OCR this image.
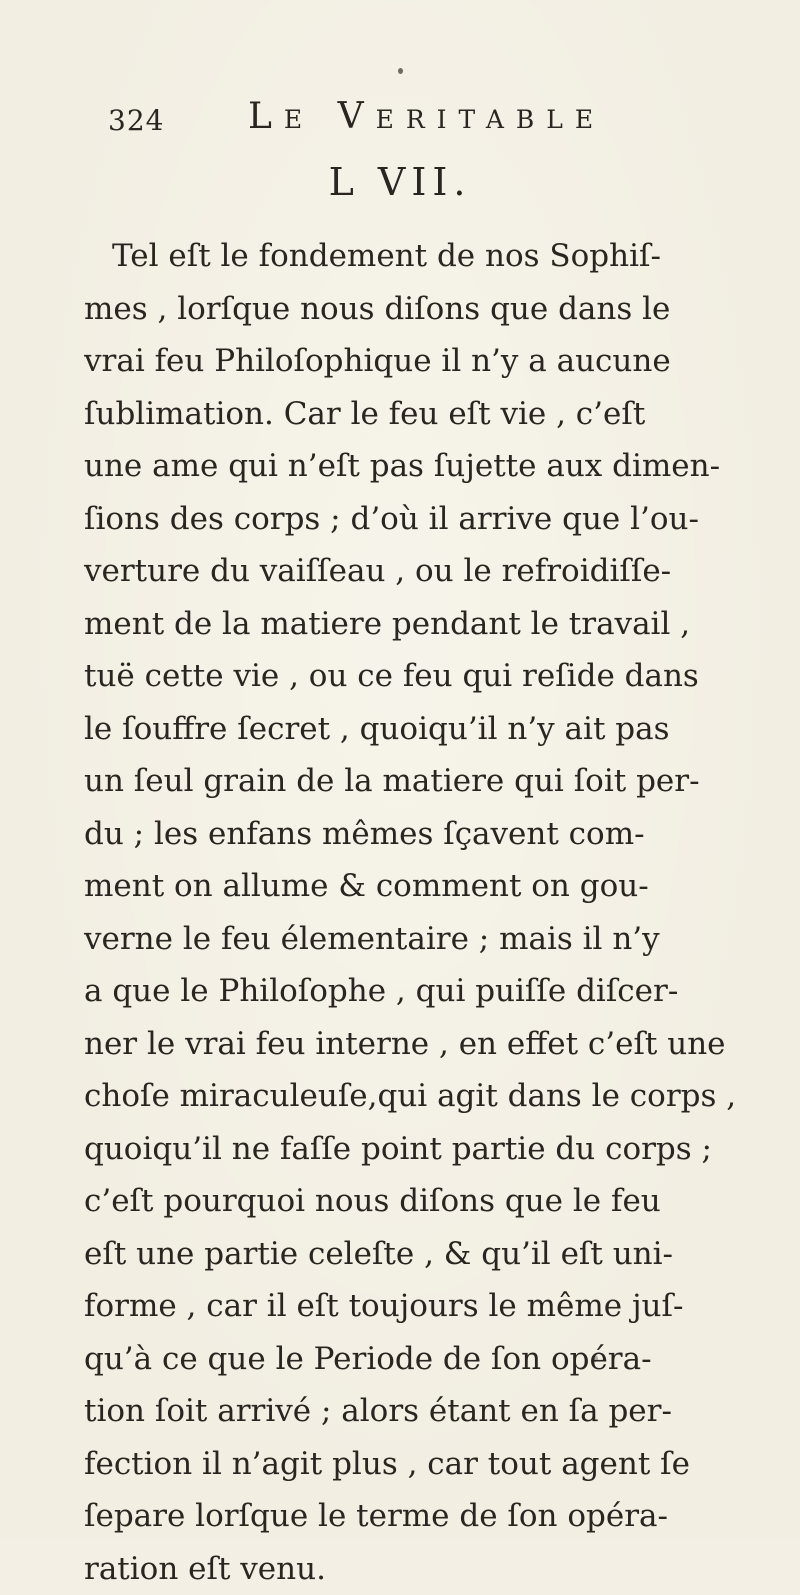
324 Le Veritable
L VII.
Tel eſt le fondement de nos Sophiſ-
mes , lorſque nous diſons que dans le
vrai feu Philoſophique il n’y a aucune
ſublimation. Car le feu eſt vie , c’eſt
une ame qui n’eſt pas ſujette aux dimen-
ſions des corps ; d’où il arrive que l’ou-
verture du vaiſſeau , ou le refroidiſſe-
ment de la matiere pendant le travail ,
tuë cette vie , ou ce feu qui reſide dans
le ſouffre ſecret , quoiqu’il n’y ait pas
un ſeul grain de la matiere qui ſoit per-
du ; les enfans mêmes ſçavent com-
ment on allume & comment on gou-
verne le feu élementaire ; mais il n’y
a que le Philoſophe , qui puiſſe diſcer-
ner le vrai feu interne , en effet c’eſt une
choſe miraculeuſe,qui agit dans le corps ,
quoiqu’il ne faſſe point partie du corps ;
c’eſt pourquoi nous diſons que le feu
eſt une partie celeſte , & qu’il eſt uni-
forme , car il eſt toujours le même juſ-
qu’à ce que le Periode de ſon opéra-
tion ſoit arrivé ; alors étant en ſa per-
fection il n’agit plus , car tout agent ſe
ſepare lorſque le terme de ſon opéra-
ration eſt venu.
